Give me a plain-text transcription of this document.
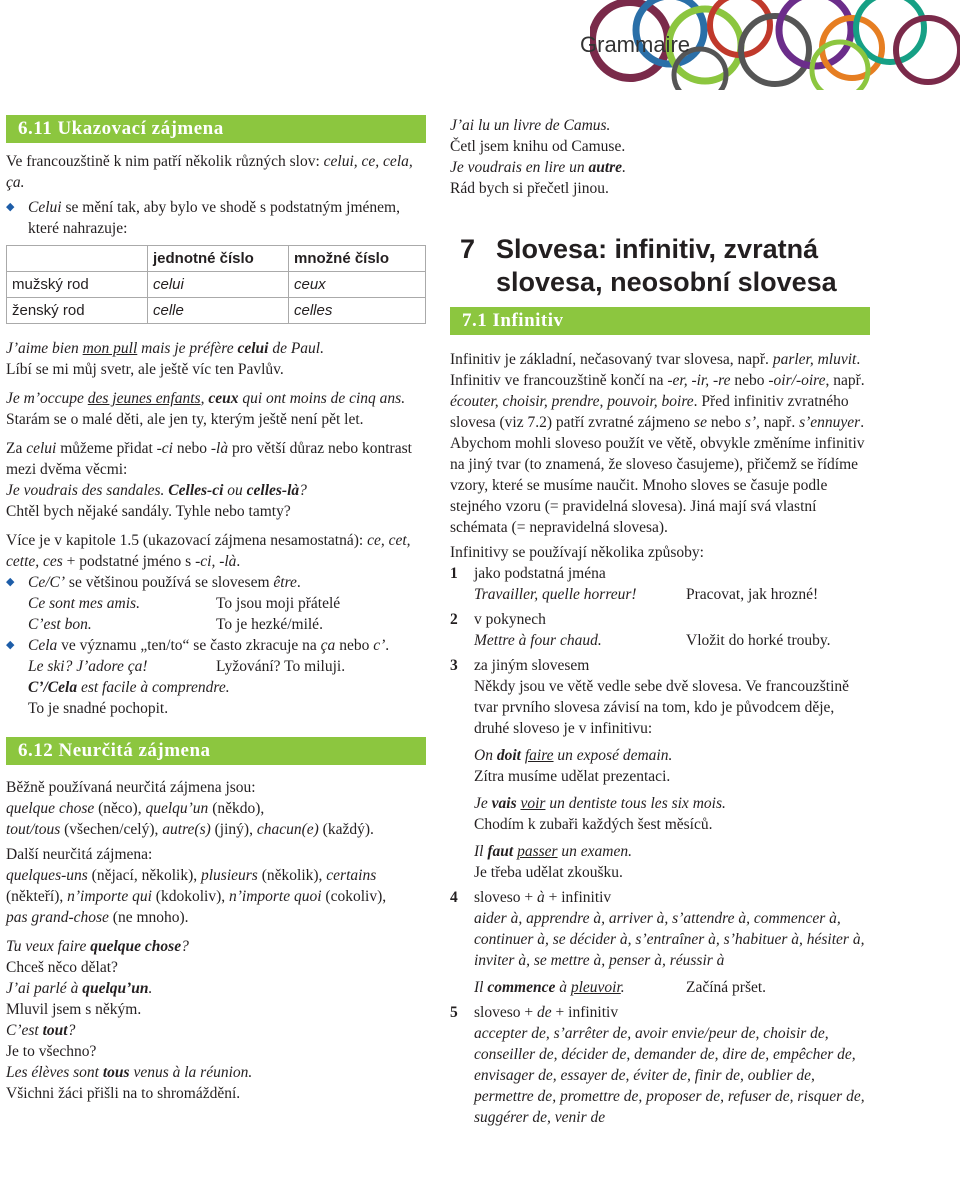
Grammaire
6.11 Ukazovací zájmena

Ve francouzštině k nim patří několik různých slov: celui, ce, cela, ça.

◆ Celui se mění tak, aby bylo ve shodě s podstatným jménem, které nahrazuje:

	jednotné číslo	množné číslo
mužský rod	celui	ceux
ženský rod	celle	celles

J’aime bien mon pull mais je préfère celui de Paul.

Líbí se mi můj svetr, ale ještě víc ten Pavlův.

Je m’occupe des jeunes enfants, ceux qui ont moins de cinq ans.

Starám se o malé děti, ale jen ty, kterým ještě není pět let.

Za celui můžeme přidat -ci nebo -là pro větší důraz nebo kontrast mezi dvěma věcmi:

Je voudrais des sandales. Celles-ci ou celles-là?

Chtěl bych nějaké sandály. Tyhle nebo tamty?

Více je v kapitole 1.5 (ukazovací zájmena nesamostatná): ce, cet, cette, ces + podstatné jméno s -ci, -là.

◆ Ce/C’ se většinou používá se slovesem être.

Ce sont mes amis.	To jsou moji přátelé
C’est bon.	To je hezké/milé.

◆ Cela ve významu „ten/to“ se často zkracuje na ça nebo c’.

Le ski? J’adore ça!	Lyžování? To miluji.

C’/Cela est facile à comprendre.

To je snadné pochopit.

6.12 Neurčitá zájmena

Běžně používaná neurčitá zájmena jsou:

quelque chose (něco), quelqu’un (někdo),

tout/tous (všechen/celý), autre(s) (jiný), chacun(e) (každý).

Další neurčitá zájmena:

quelques-uns (nějací, několik), plusieurs (několik), certains

(někteří), n’importe qui (kdokoliv), n’importe quoi (cokoliv),

pas grand-chose (ne mnoho).

Tu veux faire quelque chose?

Chceš něco dělat?

J’ai parlé à quelqu’un.

Mluvil jsem s někým.

C’est tout?

Je to všechno?

Les élèves sont tous venus à la réunion.

Všichni žáci přišli na to shromáždění.

J’ai lu un livre de Camus.

Četl jsem knihu od Camuse.

Je voudrais en lire un autre.

Rád bych si přečetl jinou.

7 Slovesa: infinitiv, zvratná slovesa, neosobní slovesa
7.1 Infinitiv

Infinitiv je základní, nečasovaný tvar slovesa, např. parler, mluvit.

Infinitiv ve francouzštině končí na -er, -ir, -re nebo -oir/-oire, např. écouter, choisir, prendre, pouvoir, boire. Před infinitiv zvratného slovesa (viz 7.2) patří zvratné zájmeno se nebo s’, např. s’ennuyer.

Abychom mohli sloveso použít ve větě, obvykle změníme infinitiv na jiný tvar (to znamená, že sloveso časujeme), přičemž se řídíme vzory, které se musíme naučit. Mnoho sloves se časuje podle stejného vzoru (= pravidelná slovesa). Jiná mají svá vlastní schémata (= nepravidelná slovesa).

Infinitivy se používají několika způsoby:

1	jako podstatná jména

Travailler, quelle horreur!	Pracovat, jak hrozné!
2	v pokynech

Mettre à four chaud.	Vložit do horké trouby.
3	za jiným slovesem

Někdy jsou ve větě vedle sebe dvě slovesa. Ve francouzštině tvar prvního slovesa závisí na tom, kdo je původcem děje, druhé sloveso je v infinitivu:

On doit faire un exposé demain.

Zítra musíme udělat prezentaci.

Je vais voir un dentiste tous les six mois.

Chodím k zubaři každých šest měsíců.

Il faut passer un examen.

Je třeba udělat zkoušku.

4	sloveso + à + infinitiv

aider à, apprendre à, arriver à, s’attendre à, commencer à, continuer à, se décider à, s’entraîner à, s’habituer à, hésiter à, inviter à, se mettre à, penser à, réussir à

Il commence à pleuvoir.	Začíná pršet.
5	sloveso + de + infinitiv

accepter de, s’arrêter de, avoir envie/peur de, choisir de, conseiller de, décider de, demander de, dire de, empêcher de, envisager de, essayer de, éviter de, finir de, oublier de, permettre de, promettre de, proposer de, refuser de, risquer de, suggérer de, venir de
